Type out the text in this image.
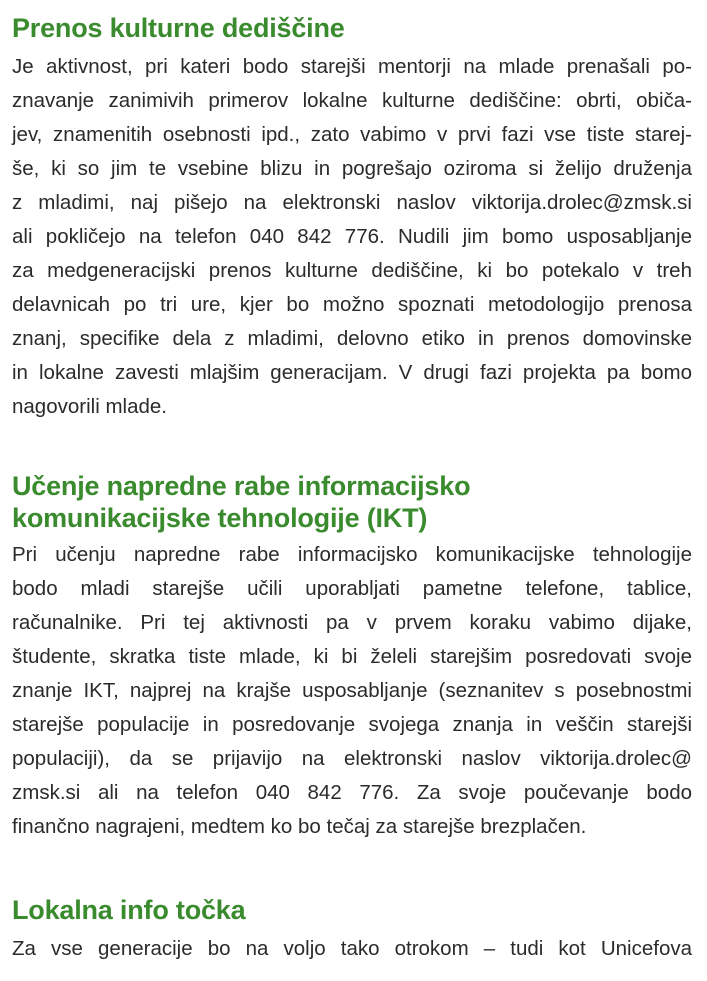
Prenos kulturne dediščine

Je aktivnost, pri kateri bodo starejši mentorji na mlade prenašali po-
znavanje zanimivih primerov lokalne kulturne dediščine: obrti, običa-
jev, znamenitih osebnosti ipd., zato vabimo v prvi fazi vse tiste starej-
še, ki so jim te vsebine blizu in pogrešajo oziroma si želijo druženja
z mladimi, naj pišejo na elektronski naslov viktorija.drolec@zmsk.si
ali pokličejo na telefon 040 842 776. Nudili jim bomo usposabljanje
za medgeneracijski prenos kulturne dediščine, ki bo potekalo v treh
delavnicah po tri ure, kjer bo možno spoznati metodologijo prenosa
znanj, specifike dela z mladimi, delovno etiko in prenos domovinske
in lokalne zavesti mlajšim generacijam. V drugi fazi projekta pa bomo
nagovorili mlade.

Učenje napredne rabe informacijsko
komunikacijske tehnologije (IKT)

Pri učenju napredne rabe informacijsko komunikacijske tehnologije
bodo mladi starejše učili uporabljati pametne telefone, tablice,
računalnike. Pri tej aktivnosti pa v prvem koraku vabimo dijake,
študente, skratka tiste mlade, ki bi želeli starejšim posredovati svoje
znanje IKT, najprej na krajše usposabljanje (seznanitev s posebnostmi
starejše populacije in posredovanje svojega znanja in veščin starejši
populaciji), da se prijavijo na elektronski naslov viktorija.drolec@
zmsk.si ali na telefon 040 842 776. Za svoje poučevanje bodo
finančno nagrajeni, medtem ko bo tečaj za starejše brezplačen.

Lokalna info točka

Za vse generacije bo na voljo tako otrokom – tudi kot Unicefova
